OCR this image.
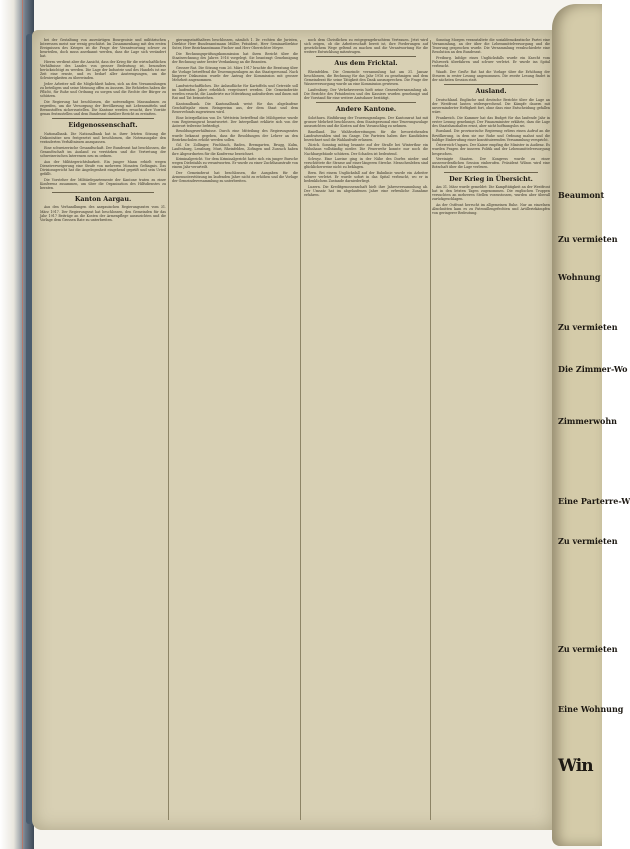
bei der Gestaltung von auswärtigen Bourgeoisie und militärischen Interessen meist nur wenig geschätzt. Im Zusammenhang mit den ersten Ereignissen des Krieges ist die Frage der Verantwortung schwer zu beurteilen, doch muss anerkannt werden, dass die Lage sich verändert hat.

Hierzu verdient aber die Ansicht, dass der Krieg für die wirtschaftlichen Verhältnisse des Landes von grosser Bedeutung ist, besonders berücksichtigt zu werden. Die Lage der Industrie und des Handels ist zur Zeit eine ernste, und es bedarf aller Anstrengungen, um die Schwierigkeiten zu überwinden.

Jeder Arbeiter soll die Möglichkeit haben, sich an den Versammlungen zu beteiligen und seine Meinung offen zu äussern. Die Behörden haben die Pflicht, für Ruhe und Ordnung zu sorgen und die Rechte der Bürger zu schützen.

Die Regierung hat beschlossen, die notwendigen Massnahmen zu ergreifen, um die Versorgung der Bevölkerung mit Lebensmitteln und Brennstoffen sicherzustellen. Die Kantone werden ersucht, ihre Vorräte genau festzustellen und dem Bundesrat darüber Bericht zu erstatten.

Eidgenossenschaft.

Nationalbank. Die Nationalbank hat in ihrer letzten Sitzung die Diskontsätze neu festgesetzt und beschlossen, die Notenausgabe den veränderten Verhältnissen anzupassen.

Eine schweizerische Gesandtschaft. Der Bundesrat hat beschlossen, die Gesandtschaft im Ausland zu verstärken und die Vertretung der schweizerischen Interessen neu zu ordnen.

Aus der Militärgerichtsbarkeit. Ein junger Mann erhielt wegen Dienstverweigerung eine Strafe von mehreren Monaten Gefängnis. Das Divisionsgericht hat die Angelegenheit eingehend geprüft und sein Urteil gefällt.

Die Vorsteher der Militärdepartemente der Kantone traten zu einer Konferenz zusammen, um über die Organisation des Hilfsdienstes zu beraten.

Kanton Aargau.

Aus den Verhandlungen des aargauischen Regierungsrates vom 31. März 1917. Der Regierungsrat hat beschlossen, den Gemeinden für das Jahr 1917 Beiträge an die Kosten der Armenpflege auszurichten und die Vorlage dem Grossen Rate zu unterbreiten.

gierungsstatthaltern beschlossen, nämlich 1. Dr. rechten die Juristen, Direktor Herr Bundesamtmann Müller, Präsident, Herr Seminardirektor Suter, Herr Bezirksamtmann Fischer und Herr Oberrichter Meyer.

Die Rechnungsprüfungskommission hat ihren Bericht über die Staatsrechnung des Jahres 1916 vorgelegt. Sie beantragt Genehmigung der Rechnung unter bester Verdankung an die Beamten.

Grosser Rat. Die Sitzung vom 26. März 1917 brachte die Beratung über die Vorlage betreffend die Teuerungszulagen an das Staatspersonal. Nach längerer Diskussion wurde der Antrag der Kommission mit grosser Mehrheit angenommen.

Landwirtschaftliches. Die Anbaufläche für Kartoffeln und Getreide soll im laufenden Jahre erheblich vergrössert werden. Die Gemeinderäte werden ersucht, die Landwirte zur Mitwirkung aufzufordern und ihnen mit Rat und Tat beizustehen.

Kantonalbank. Die Kantonalbank weist für das abgelaufene Geschäftsjahr einen Reingewinn aus, der dem Staat und dem Reservefonds zugewiesen wird.

Eine Interpellation von Dr. Wettstein betreffend die Milchpreise wurde vom Regierungsrat beantwortet. Der Interpellant erklärte sich von der Antwort teilweise befriedigt.

Besoldungsverhältnisse. Durch eine Mitteilung des Regierungsrates wurde bekannt gegeben, dass die Besoldungen der Lehrer an den Bezirksschulen erhöht werden sollen.

Gd. Dr. Zollinger, Fischbach, Baden, Bremgarten, Brugg, Kulm, Laufenburg, Lenzburg, Muri, Rheinfelden, Zofingen und Zurzach haben ihre Abgeordneten für die Konferenz bezeichnet.

Kriminalgericht. Vor dem Kriminalgericht hatte sich ein junger Bursche wegen Diebstahls zu verantworten. Er wurde zu einer Zuchthausstrafe von einem Jahr verurteilt.

Der Gemeinderat hat beschlossen, die Ausgaben für die Armenunterstützung im laufenden Jahre nicht zu erhöhen und die Vorlage der Gemeindeversammlung zu unterbreiten.

noch dem Christlichen zu entgegengebrachtem Vertrauen. Jetzt wird sich zeigen, ob die Arbeiterschaft bereit ist, ihre Forderungen auf gesetzlichem Wege geltend zu machen und die Verantwortung für die weitere Entwicklung mitzutragen.

Aus dem Fricktal.

Rheinfelden. Die Gemeinde versammlung hat am 31. Januar beschlossen, die Rechnung für das Jahr 1916 zu genehmigen und dem Gemeinderat für seine Tätigkeit den Dank auszusprechen. Die Frage der Wasserversorgung wurde an eine Kommission gewiesen.

Laufenburg. Der Verkehrsverein hielt seine Generalversammlung ab. Die Berichte des Präsidenten und des Kassiers wurden genehmigt und der Vorstand für eine weitere Amtsdauer bestätigt.

Andere Kantone.

Solothurn. Einführung der Teuerungszulagen. Der Kantonsrat hat mit grosser Mehrheit beschlossen, dem Staatspersonal eine Teuerungszulage auszurichten und die Kosten auf den Voranschlag zu nehmen.

Baselland. Die Wahlvorbereitungen für die bevorstehenden Landratswahlen sind im Gange. Die Parteien haben ihre Kandidaten bezeichnet und die Wahlaufrufe erlassen.

Zürich. Sonntag mittag brannte auf der Straße bei Winterthur ein Wohnhaus vollständig nieder. Die Feuerwehr konnte nur noch die Nachbargebäude schützen. Der Schaden ist bedeutend.

Schwyz. Eine Lawine ging in der Nähe des Dorfes nieder und verschüttete die Strasse auf einer längeren Strecke. Menschenleben sind glücklicherweise nicht zu beklagen.

Bern. Bei einem Unglücksfall auf der Bahnlinie wurde ein Arbeiter schwer verletzt. Er wurde sofort in das Spital verbracht, wo er in bedenklichem Zustande darniederliegt.

Luzern. Die Kreditgenossenschaft hielt ihre Jahresversammlung ab. Der Umsatz hat im abgelaufenen Jahre eine erfreuliche Zunahme erfahren.

Sonntag Morgen veranstaltete die sozialdemokratische Partei eine Versammlung, an der über die Lebensmittelversorgung und die Teuerung gesprochen wurde. Die Versammlung verabschiedete eine Resolution an den Bundesrat.

Freiburg. Infolge eines Unglücksfalls wurde ein Knecht vom Fuhrwerk überfahren und schwer verletzt. Er wurde ins Spital verbracht.

Waadt. Der Große Rat hat die Vorlage über die Erhöhung der Steuern in erster Lesung angenommen. Die zweite Lesung findet in der nächsten Session statt.

Ausland.

Deutschland. Englische und deutsche Berichte über die Lage an der Westfront lauten widersprechend. Die Kämpfe dauern mit unverminderter Heftigkeit fort, ohne dass eine Entscheidung gefallen wäre.

Frankreich. Die Kammer hat das Budget für das laufende Jahr in erster Lesung genehmigt. Der Finanzminister erklärte, dass die Lage des Staatshaushaltes ernst, aber nicht hoffnungslos sei.

Russland. Die provisorische Regierung erliess einen Aufruf an die Bevölkerung, in dem sie zur Ruhe und Ordnung mahnt und die baldige Einberufung einer konstituierenden Versammlung verspricht.

Österreich-Ungarn. Der Kaiser empfing die Minister in Audienz. Es wurden Fragen der inneren Politik und der Lebensmittelversorgung besprochen.

Vereinigte Staaten. Der Kongress wurde zu einer ausserordentlichen Session einberufen. Präsident Wilson wird eine Botschaft über die Lage verlesen.

Der Krieg in Übersicht.

Am 31. März wurde gemeldet: Die Kampftätigkeit an der Westfront hat in den letzten Tagen zugenommen. Die englischen Truppen versuchten an mehreren Stellen vorzustossen, wurden aber überall zurückgeschlagen.

An der Ostfront herrscht im allgemeinen Ruhe. Nur an einzelnen Abschnitten kam es zu Patrouillengefechten und Artilleriekämpfen von geringerer Bedeutung.

Beaumont
Zu vermieten
Wohnung
Zu vermieten
Die Zimmer-Wo
Zimmerwohn
Eine Parterre-W
Zu vermieten
Zu vermieten
Eine Wohnung
Win
